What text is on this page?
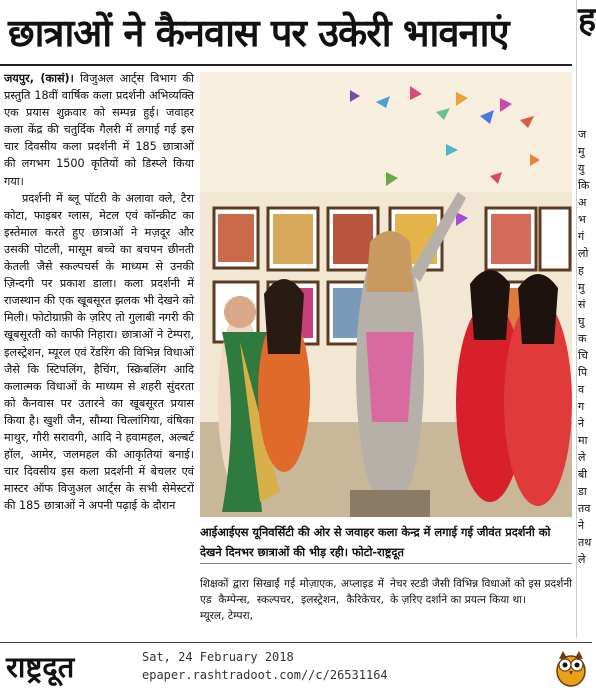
छात्राओं ने कैनवास पर उकेरी भावनाएं

जयपुर, (कासं)। विजुअल आर्ट्स विभाग की प्रस्तुति 18वीं वार्षिक कला प्रदर्शनी अभिव्यक्ति एक प्रयास शुक्रवार को सम्पन्न हुई। जवाहर कला केंद्र की चतुर्दिक गैलरी में लगाई गई इस चार दिवसीय कला प्रदर्शनी में 185 छात्राओं की लगभग 1500 कृतियों को डिस्प्ले किया गया।

प्रदर्शनी में ब्लू पॉटरी के अलावा क्ले, टैरा कोटा, फाइबर ग्लास, मेटल एवं कॉन्क्रीट का इस्तेमाल करते हुए छात्राओं ने मज़दूर और उसकी पोटली, मासूम बच्चे का बचपन छीनती केतली जैसे स्कल्पचर्स के माध्यम से उनकी ज़िन्दगी पर प्रकाश डाला। कला प्रदर्शनी में राजस्थान की एक खूबसूरत झलक भी देखने को मिली। फोटोग्राफ़ी के ज़रिए तो गुलाबी नगरी की खूबसूरती को काफी निहारा। छात्राओं ने टेम्परा, इलस्ट्रेशन, म्यूरल एवं रेंडरिंग की विभिन्न विधाओं जैसे कि स्टिपलिंग, हैचिंग, स्क्रिबलिंग आदि कलात्मक विधाओं के माध्यम से शहरी सुंदरता को कैनवास पर उतारने का खूबसूरत प्रयास किया है। खुशी जैन, सौम्या चित्लांगिया, वंषिका माथुर, गौरी सरावगी, आदि ने हवामहल, अल्बर्ट हॉल, आमेर, जलमहल की आकृतियां बनाई। चार दिवसीय इस कला प्रदर्शनी में बेचलर एवं मास्टर ऑफ विजुअल आर्ट्स के सभी सेमेस्टरों की 185 छात्राओं ने अपनी पढ़ाई के दौरान

आईआईएस यूनिवर्सिटी की ओर से जवाहर कला केन्द्र में लगाई गई जीवंत प्रदर्शनी को देखने दिनभर छात्राओं की भीड़ रही। फोटो-राष्ट्रदूत
शिक्षकों द्वारा सिखाईं गई मोज़ाएक, अप्लाइड में एड कैम्पेन्स, स्कल्पचर, इलस्ट्रेशन, कैरिकेचर, म्यूरल, टेम्परा,
नेचर स्टडी जैसी विभिन्न विधाओं को इस प्रदर्शनी के ज़रिए दर्शाने का प्रयत्न किया था।
ह
ज
मु
यु
कि
अ
भ
गं
लो
ह
मु
सं
घु
क
चि
पि
व
ग
ने
मा
ले
बी
डा
तव
ने
तथ
ले
राष्ट्रदूत	Sat, 24 February 2018
epaper.rashtradoot.com//c/26531164
